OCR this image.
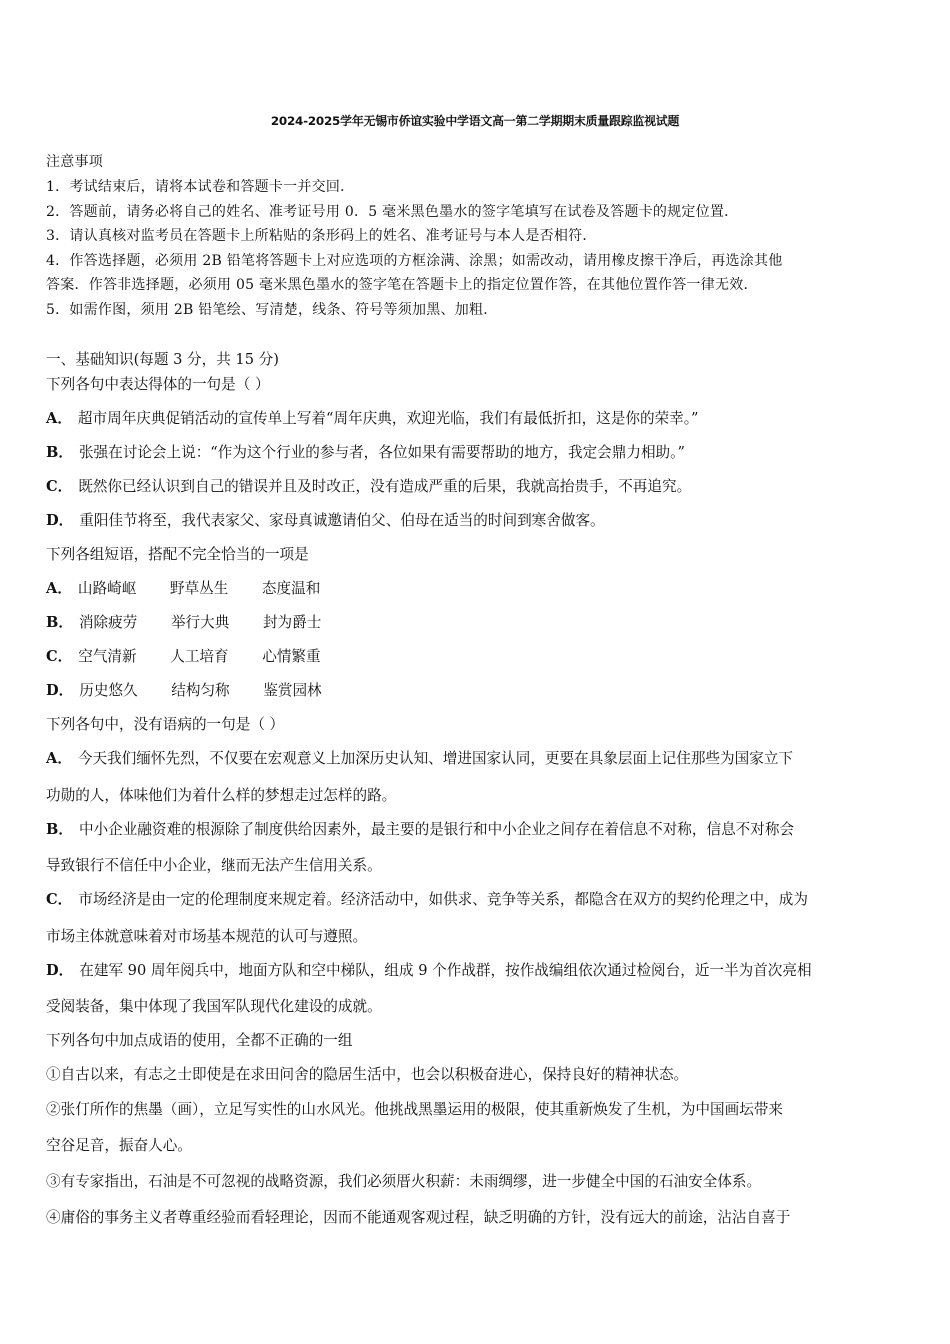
2024-2025学年无锡市侨谊实验中学语文高一第二学期期末质量跟踪监视试题
注意事项
1．考试结束后，请将本试卷和答题卡一并交回．
2．答题前，请务必将自己的姓名、准考证号用 0．5 毫米黑色墨水的签字笔填写在试卷及答题卡的规定位置．
3．请认真核对监考员在答题卡上所粘贴的条形码上的姓名、准考证号与本人是否相符．
4．作答选择题，必须用 2B 铅笔将答题卡上对应选项的方框涂满、涂黑；如需改动，请用橡皮擦干净后，再选涂其他
答案．作答非选择题，必须用 05 毫米黑色墨水的签字笔在答题卡上的指定位置作答，在其他位置作答一律无效．
5．如需作图，须用 2B 铅笔绘、写清楚，线条、符号等须加黑、加粗．
一、基础知识(每题 3 分，共 15 分)
下列各句中表达得体的一句是（ ）
A． 超市周年庆典促销活动的宣传单上写着“周年庆典，欢迎光临，我们有最低折扣，这是你的荣幸。”
B． 张强在讨论会上说：“作为这个行业的参与者，各位如果有需要帮助的地方，我定会鼎力相助。”
C． 既然你已经认识到自己的错误并且及时改正，没有造成严重的后果，我就高抬贵手，不再追究。
D． 重阳佳节将至，我代表家父、家母真诚邀请伯父、伯母在适当的时间到寒舍做客。
下列各组短语，搭配不完全恰当的一项是
A． 山路崎岖 野草丛生 态度温和
B． 消除疲劳 举行大典 封为爵士
C． 空气清新 人工培育 心情繁重
D． 历史悠久 结构匀称 鉴赏园林
下列各句中，没有语病的一句是（ ）
A． 今天我们缅怀先烈，不仅要在宏观意义上加深历史认知、增进国家认同，更要在具象层面上记住那些为国家立下
功勋的人，体味他们为着什么样的梦想走过怎样的路。
B． 中小企业融资难的根源除了制度供给因素外，最主要的是银行和中小企业之间存在着信息不对称，信息不对称会
导致银行不信任中小企业，继而无法产生信用关系。
C． 市场经济是由一定的伦理制度来规定着。经济活动中，如供求、竞争等关系，都隐含在双方的契约伦理之中，成为
市场主体就意味着对市场基本规范的认可与遵照。
D． 在建军 90 周年阅兵中，地面方队和空中梯队，组成 9 个作战群，按作战编组依次通过检阅台，近一半为首次亮相
受阅装备，集中体现了我国军队现代化建设的成就。
下列各句中加点成语的使用，全都不正确的一组
①自古以来，有志之士即使是在求田问舍的隐居生活中，也会以积极奋进心，保持良好的精神状态。
②张仃所作的焦墨（画），立足写实性的山水风光。他挑战黑墨运用的极限，使其重新焕发了生机，为中国画坛带来
空谷足音，振奋人心。
③有专家指出，石油是不可忽视的战略资源，我们必须厝火积薪：未雨绸缪，进一步健全中国的石油安全体系。
④庸俗的事务主义者尊重经验而看轻理论，因而不能通观客观过程，缺乏明确的方针，没有远大的前途，沾沾自喜于
